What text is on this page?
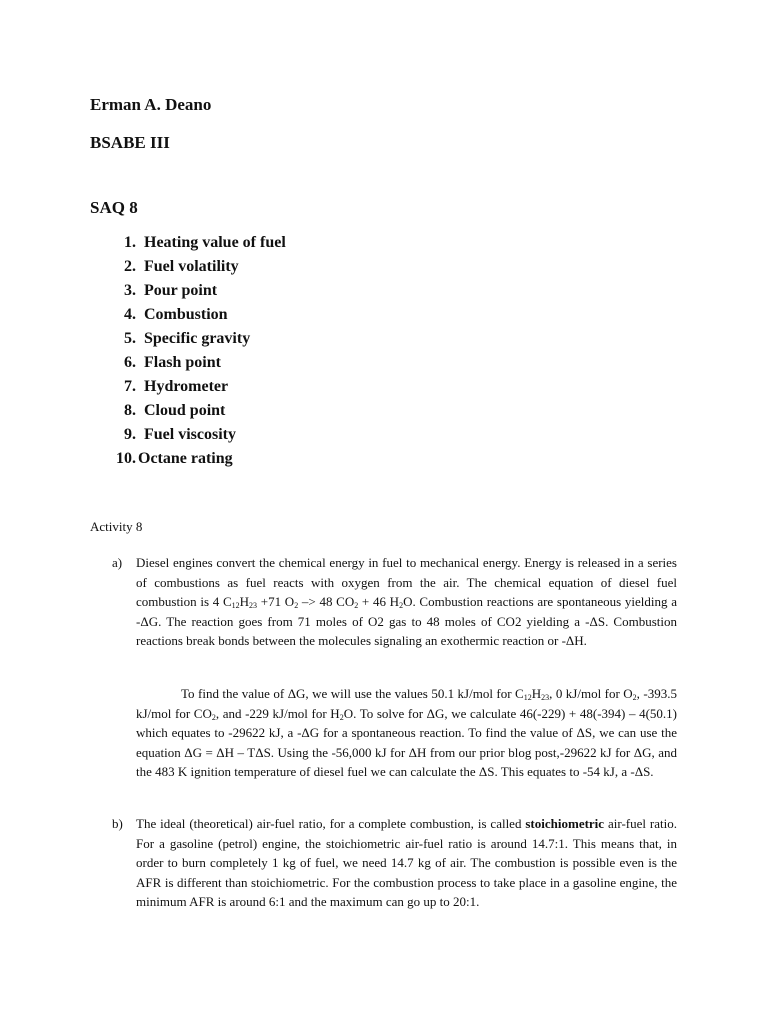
Erman A. Deano
BSABE III
SAQ 8
1. Heating value of fuel
2. Fuel volatility
3. Pour point
4. Combustion
5. Specific gravity
6. Flash point
7. Hydrometer
8. Cloud point
9. Fuel viscosity
10. Octane rating
Activity 8
a) Diesel engines convert the chemical energy in fuel to mechanical energy. Energy is released in a series of combustions as fuel reacts with oxygen from the air. The chemical equation of diesel fuel combustion is 4 $C_{12}H_{23} +71$ $O_2 -> 48$ $CO_2 + 46$ $H_2O$. Combustion reactions are spontaneous yielding a -ΔG. The reaction goes from 71 moles of O2 gas to 48 moles of CO2 yielding a -ΔS. Combustion reactions break bonds between the molecules signaling an exothermic reaction or -ΔH.
To find the value of ΔG, we will use the values 50.1 kJ/mol for $C_{12}H_{23}$, 0 kJ/mol for $O_2$, -393.5 kJ/mol for $CO_2$, and -229 kJ/mol for $H_2O$. To solve for ΔG, we calculate 46(-229) + 48(-394) – 4(50.1) which equates to -29622 kJ, a -ΔG for a spontaneous reaction. To find the value of ΔS, we can use the equation ΔG = ΔH – TΔS. Using the -56,000 kJ for ΔH from our prior blog post,-29622 kJ for ΔG, and the 483 K ignition temperature of diesel fuel we can calculate the ΔS. This equates to -54 kJ, a -ΔS.
b) The ideal (theoretical) air-fuel ratio, for a complete combustion, is called stoichiometric air-fuel ratio. For a gasoline (petrol) engine, the stoichiometric air-fuel ratio is around 14.7:1. This means that, in order to burn completely 1 kg of fuel, we need 14.7 kg of air. The combustion is possible even is the AFR is different than stoichiometric. For the combustion process to take place in a gasoline engine, the minimum AFR is around 6:1 and the maximum can go up to 20:1.
